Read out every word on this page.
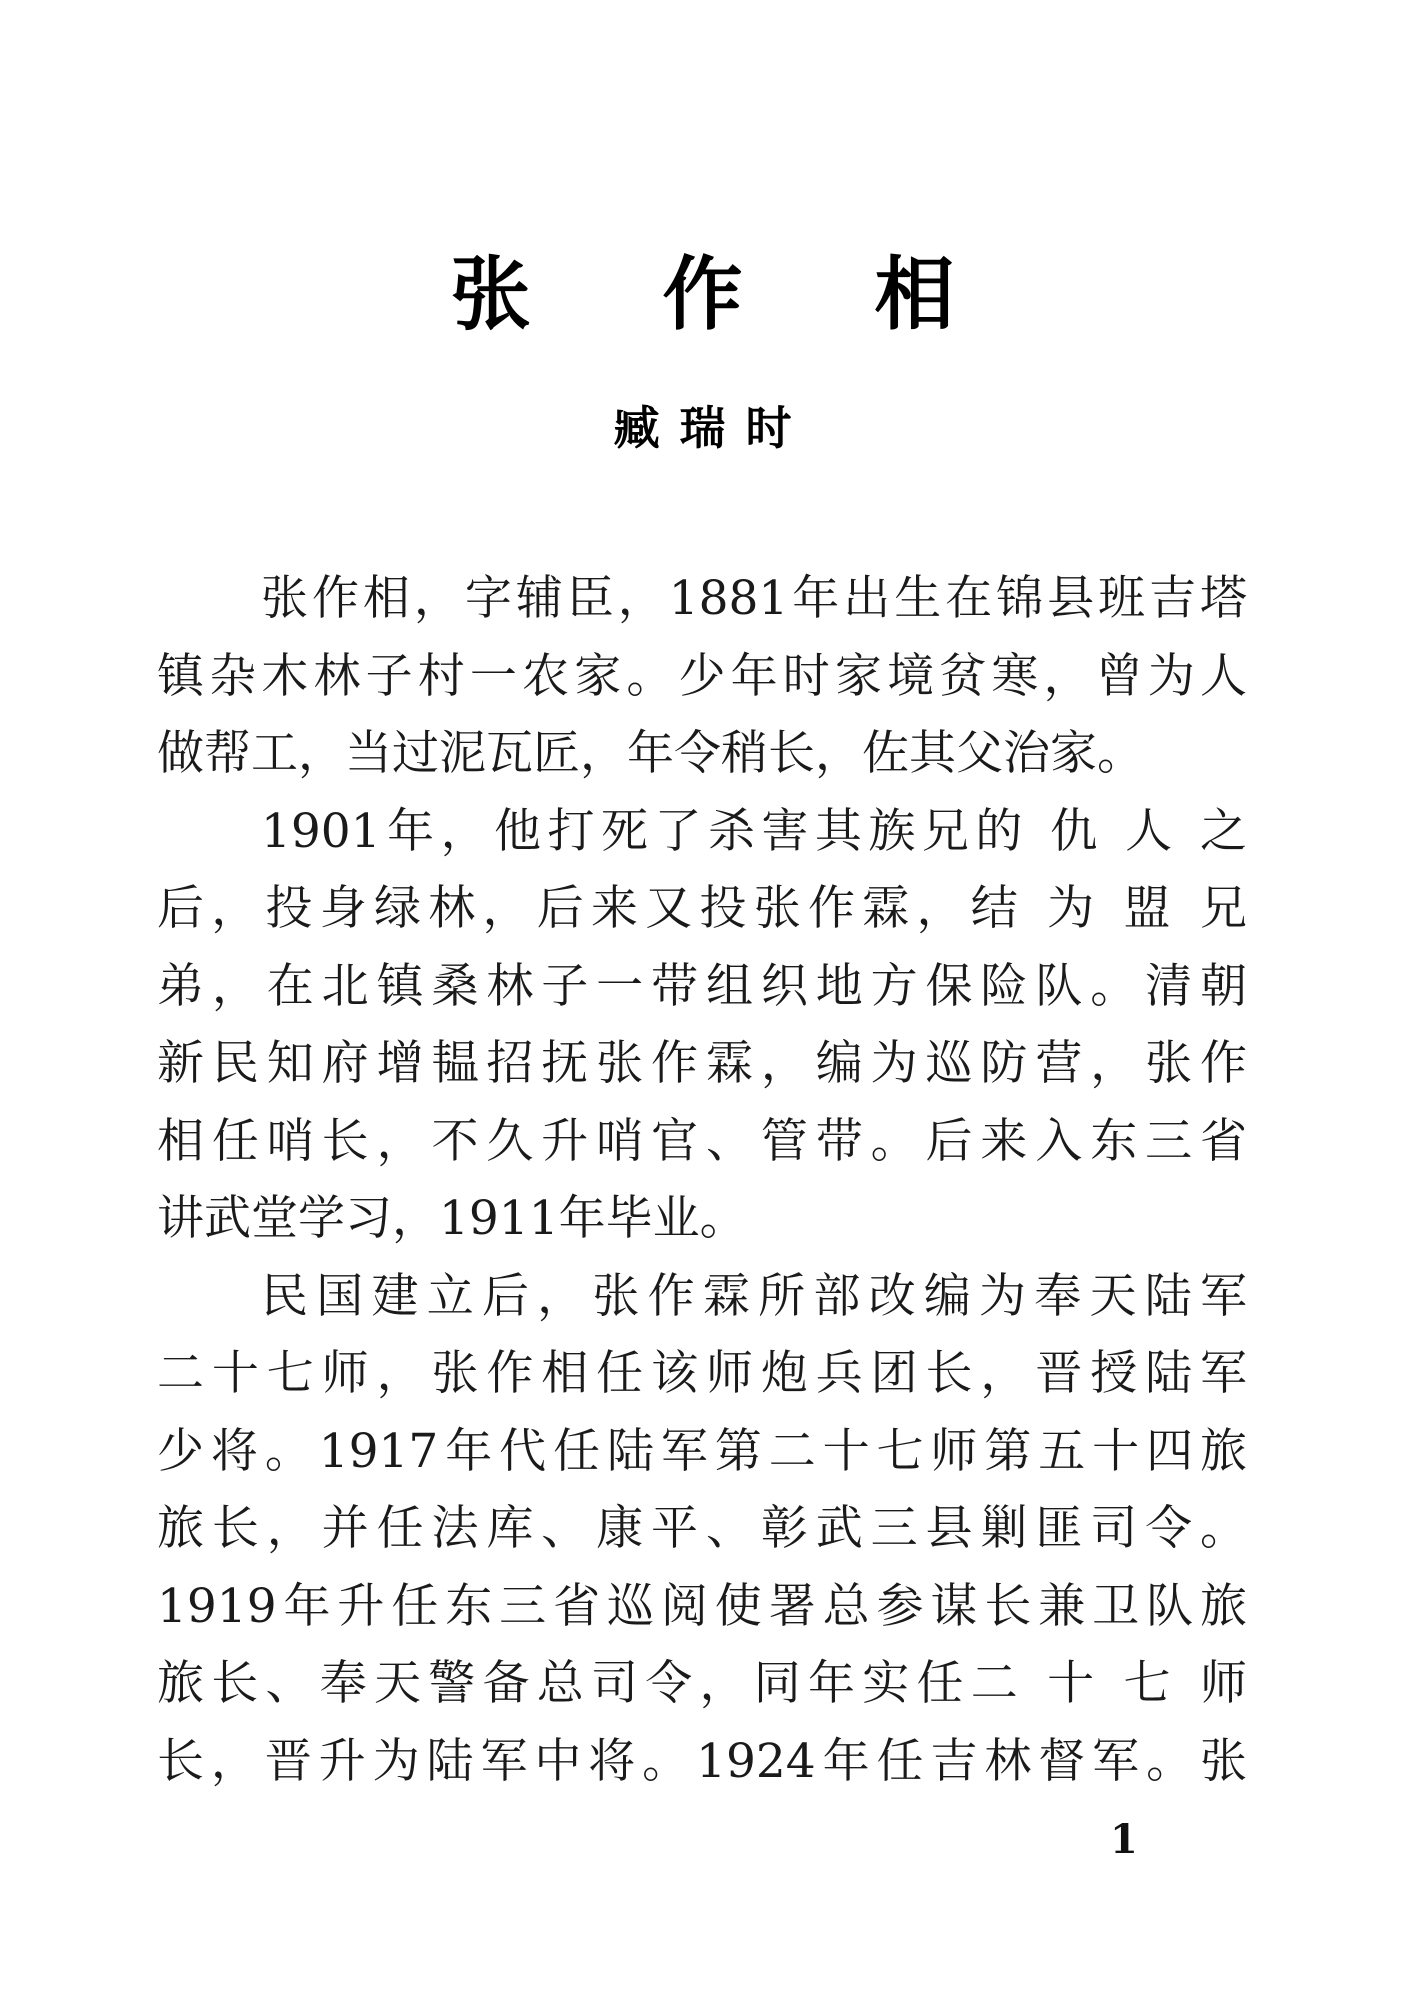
张 作 相
臧瑞时
张作相，字辅臣，1881年出生在锦县班吉塔
镇杂木林子村一农家。少年时家境贫寒，曾为人
做帮工，当过泥瓦匠，年令稍长，佐其父治家。
1901年，他打死了杀害其族兄的 仇 人 之
后，投身绿林，后来又投张作霖，结 为 盟 兄
弟，在北镇桑林子一带组织地方保险队。清朝
新民知府增韫招抚张作霖，编为巡防营，张作
相任哨长，不久升哨官、管带。后来入东三省
讲武堂学习，1911年毕业。
民国建立后，张作霖所部改编为奉天陆军
二十七师，张作相任该师炮兵团长，晋授陆军
少将。1917年代任陆军第二十七师第五十四旅
旅长，并任法库、康平、彰武三县剿匪司令。
1919年升任东三省巡阅使署总参谋长兼卫队旅
旅长、奉天警备总司令，同年实任二 十 七 师
长，晋升为陆军中将。1924年任吉林督军。张
1
